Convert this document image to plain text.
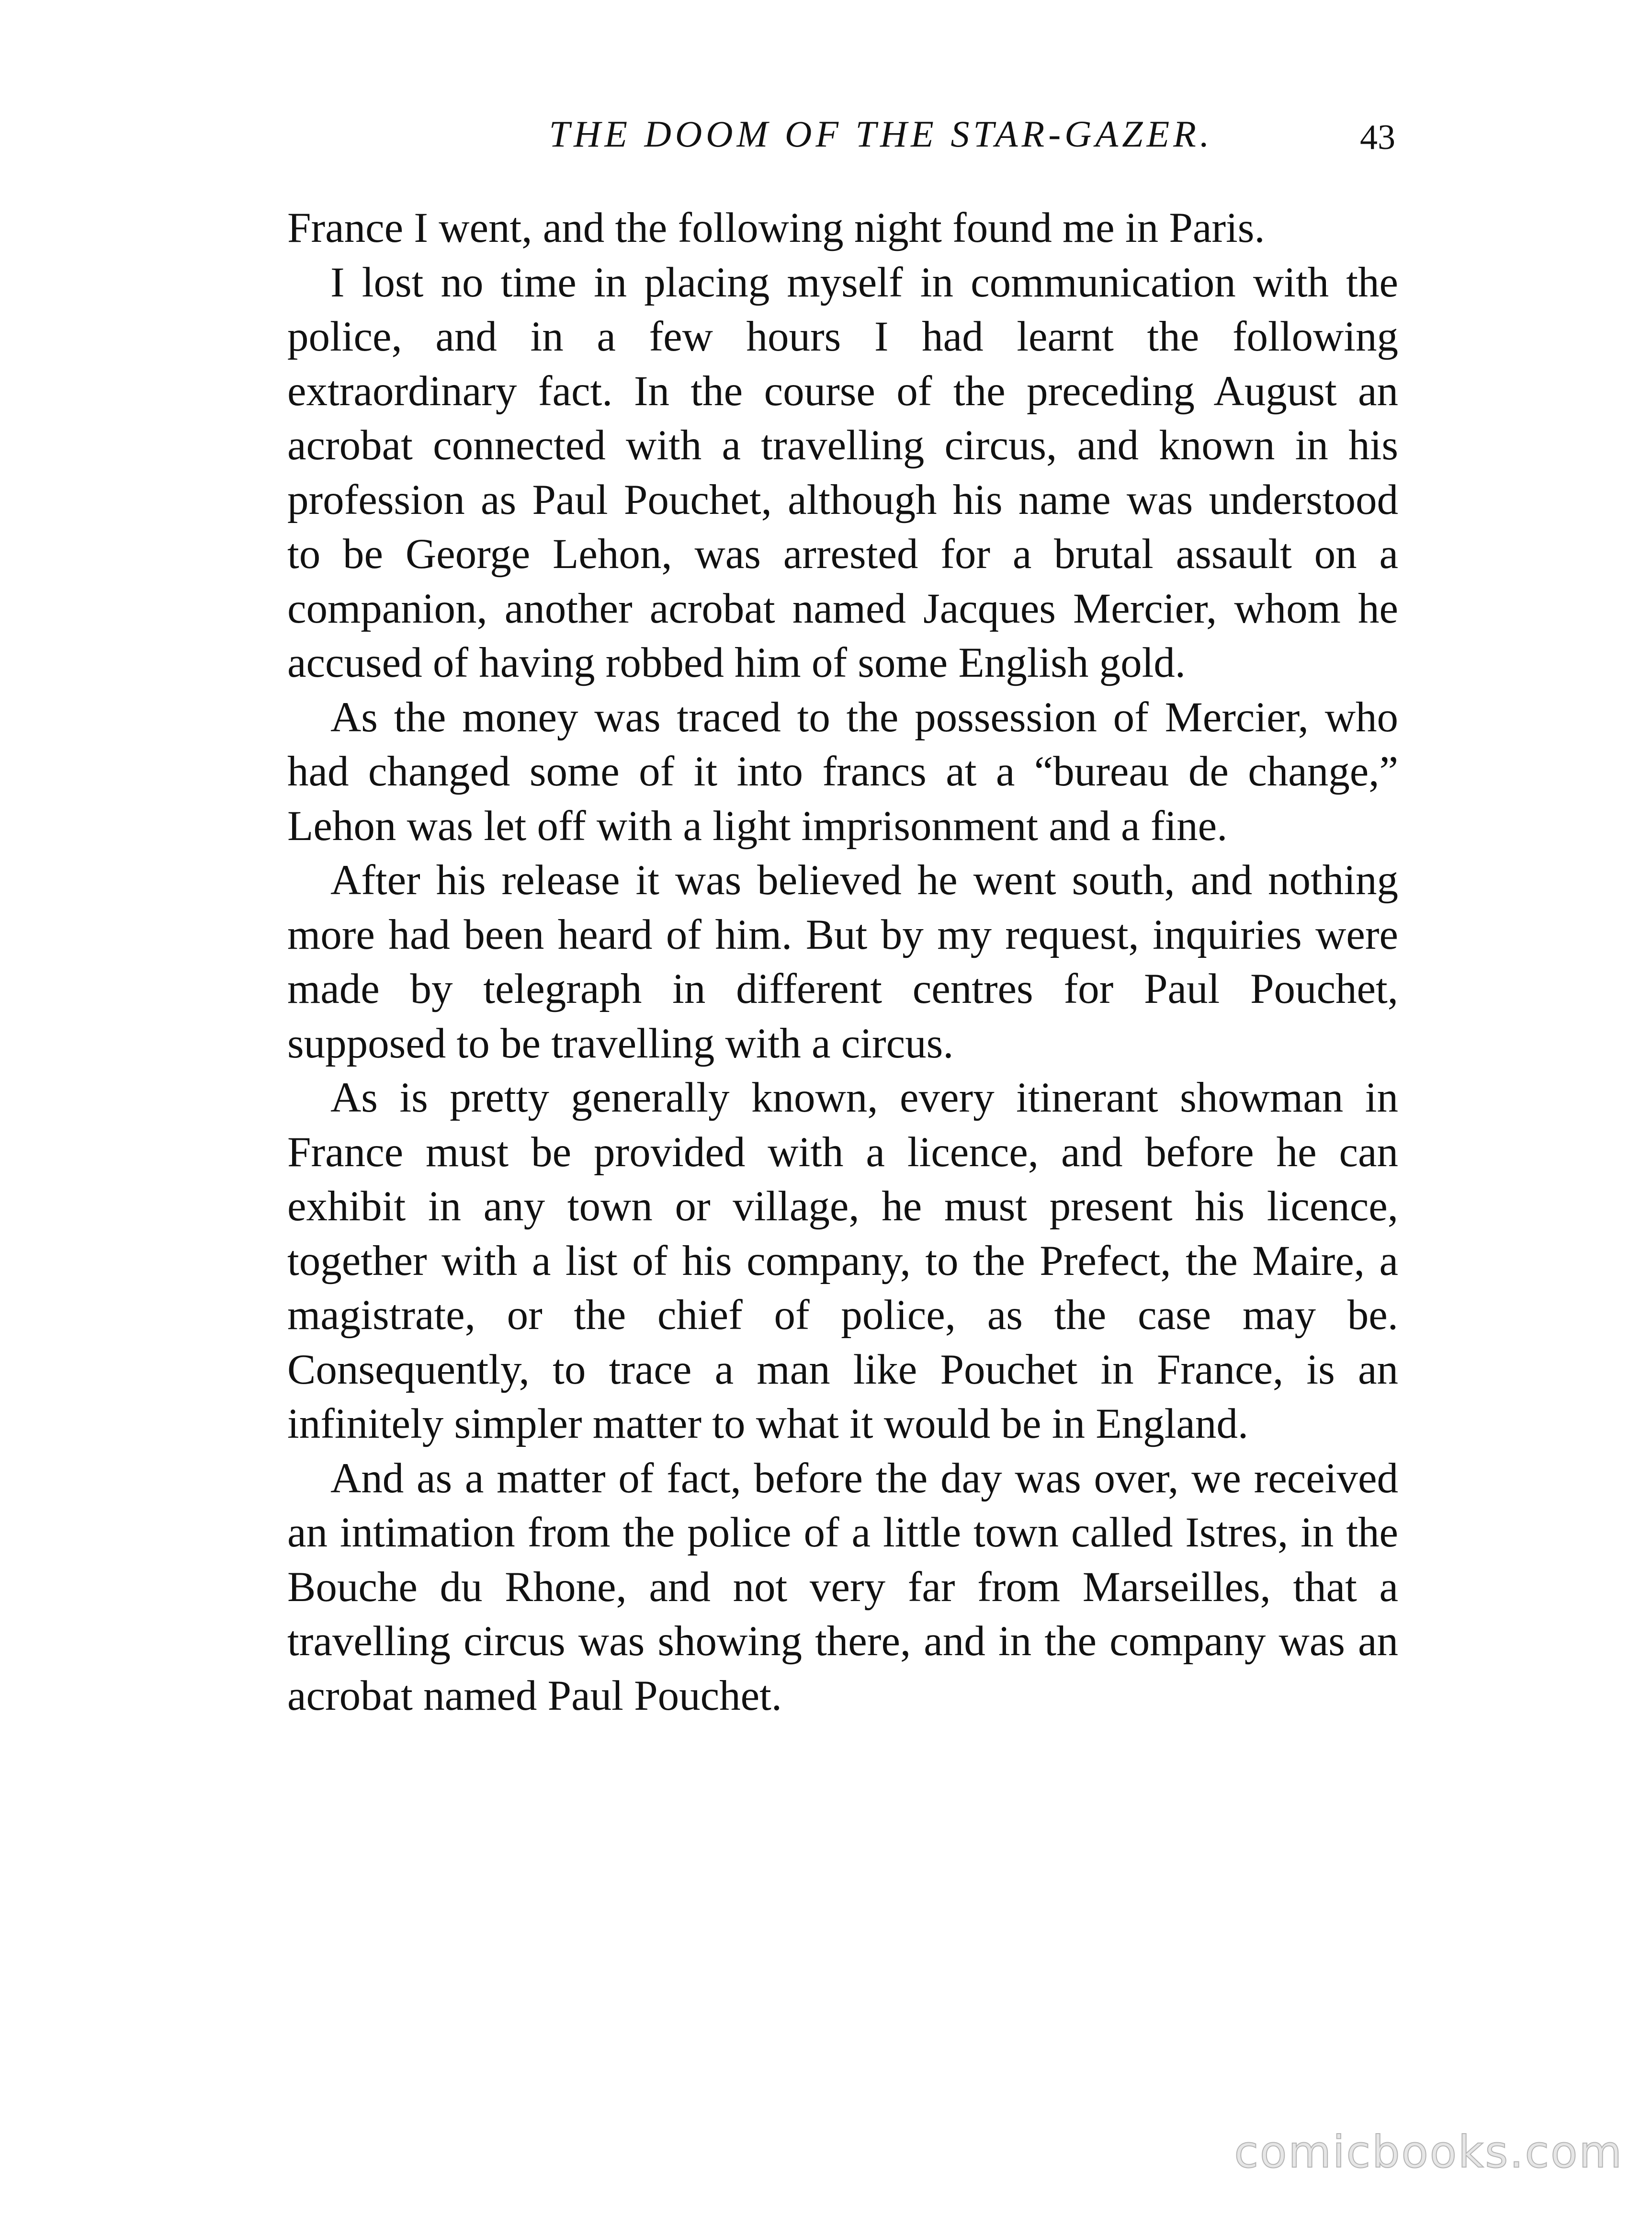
THE DOOM OF THE STAR-GAZER.	43

France I went, and the following night found me in Paris.

I lost no time in placing myself in communication with the police, and in a few hours I had learnt the following extraordinary fact. In the course of the preceding August an acrobat connected with a travelling circus, and known in his profession as Paul Pouchet, although his name was understood to be George Lehon, was arrested for a brutal assault on a companion, another acrobat named Jacques Mercier, whom he accused of having robbed him of some English gold.

As the money was traced to the possession of Mercier, who had changed some of it into francs at a “bureau de change,” Lehon was let off with a light imprisonment and a fine.

After his release it was believed he went south, and nothing more had been heard of him. But by my request, inquiries were made by telegraph in different centres for Paul Pouchet, supposed to be travelling with a circus.

As is pretty generally known, every itinerant showman in France must be provided with a licence, and before he can exhibit in any town or village, he must present his licence, together with a list of his company, to the Prefect, the Maire, a magistrate, or the chief of police, as the case may be. Consequently, to trace a man like Pouchet in France, is an infinitely simpler matter to what it would be in England.

And as a matter of fact, before the day was over, we received an intimation from the police of a little town called Istres, in the Bouche du Rhone, and not very far from Marseilles, that a travelling circus was showing there, and in the company was an acrobat named Paul Pouchet.

comicbooks.com
